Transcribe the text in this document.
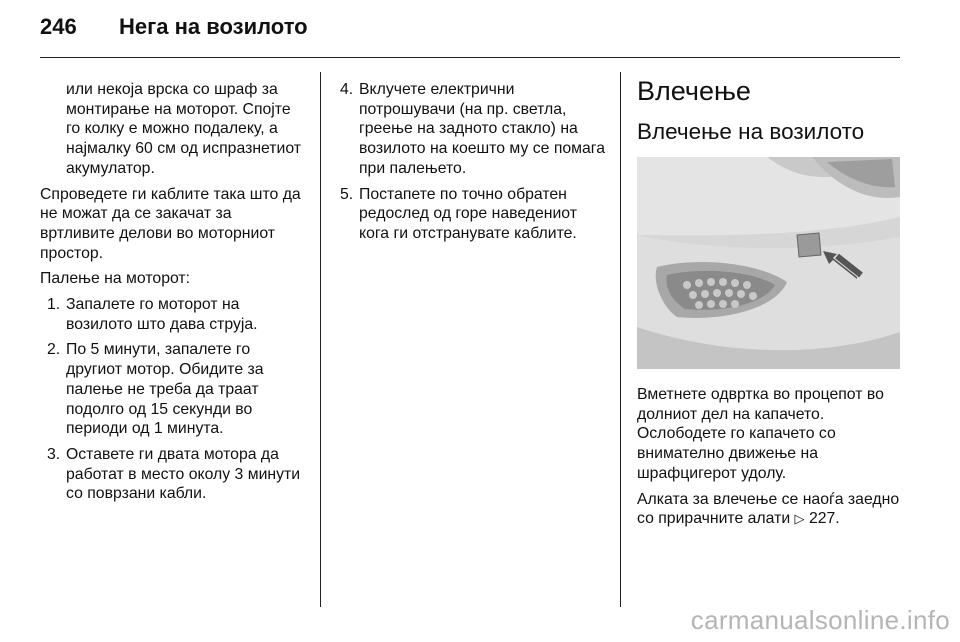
246	Нега на возилото

или некоја врска со шраф за монтирање на моторот. Спојте го колку е можно подалеку, а најмалку 60 см од испразнетиот акумулатор.

Спроведете ги каблите така што да не можат да се закачат за вртливите делови во моторниот простор.

Палење на моторот:

1. Запалете го моторот на возилото што дава струја.
2. По 5 минути, запалете го другиот мотор. Обидите за палење не треба да траат подолго од 15 секунди во периоди од 1 минута.
3. Оставете ги двата мотора да работат в место околу 3 минути со поврзани кабли.
4. Вклучете електрични потрошувачи (на пр. светла, греење на задното стакло) на возилото на коешто му се помага при палењето.
5. Постапете по точно обратен редослед од горе наведениот кога ги отстранувате каблите.
Влечење
Влечење на возилото

Вметнете одвртка во процепот во долниот дел на капачето. Ослободете го капачето со внимателно движење на шрафцигерот удолу.

Алката за влечење се наоѓа заедно со прирачните алати ▷ 227.

carmanualsonline.info
